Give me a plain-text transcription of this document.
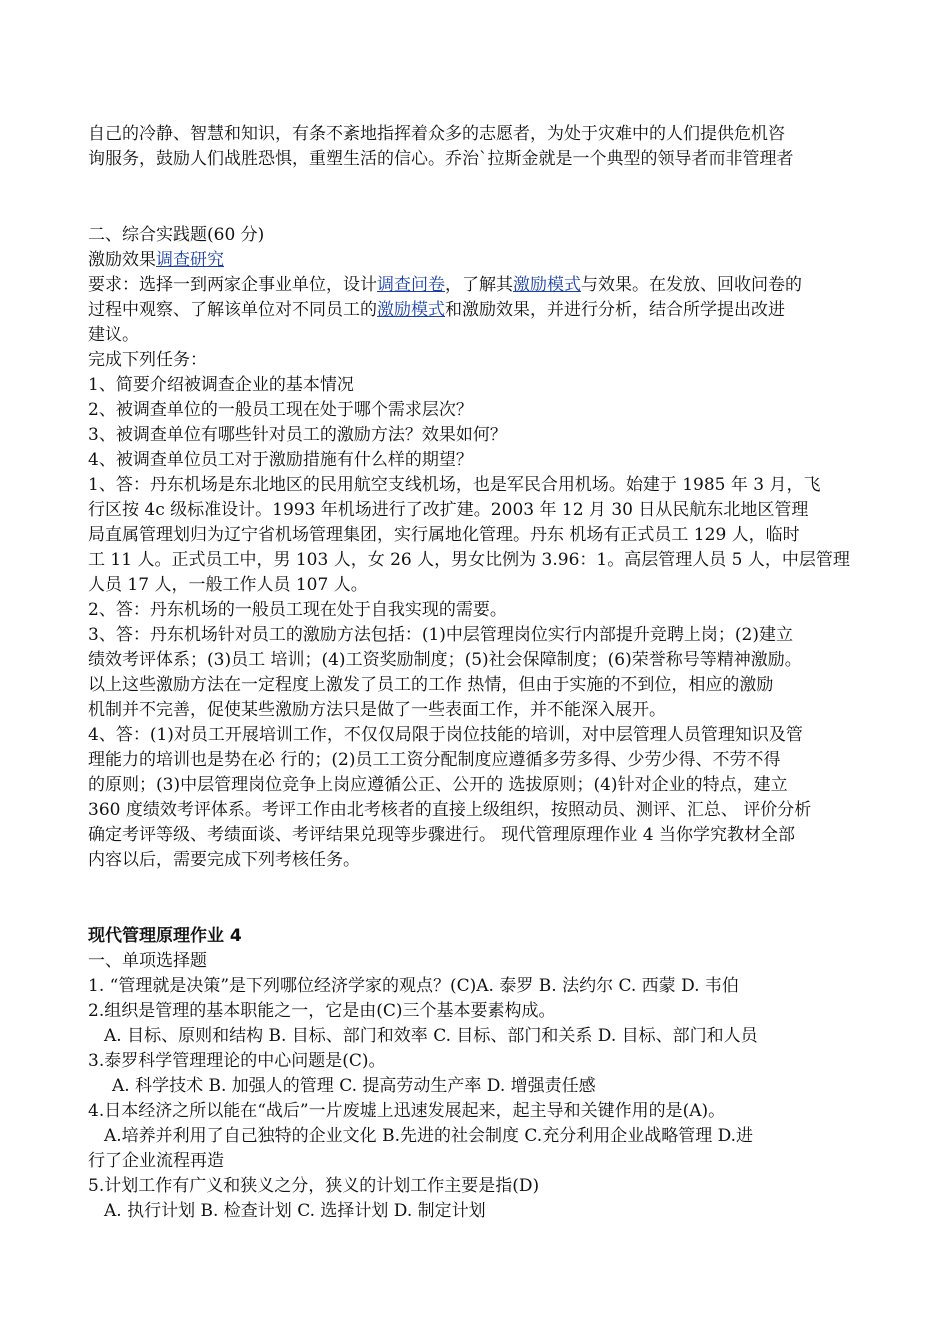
自己的冷静、智慧和知识，有条不紊地指挥着众多的志愿者，为处于灾难中的人们提供危机咨
询服务，鼓励人们战胜恐惧，重塑生活的信心。乔治`拉斯金就是一个典型的领导者而非管理者
二、综合实践题(60 分)
激励效果调查研究
要求：选择一到两家企事业单位，设计调查问卷，了解其激励模式与效果。在发放、回收问卷的
过程中观察、了解该单位对不同员工的激励模式和激励效果，并进行分析，结合所学提出改进
建议。
完成下列任务：
1、简要介绍被调查企业的基本情况
2、被调查单位的一般员工现在处于哪个需求层次？
3、被调查单位有哪些针对员工的激励方法？效果如何？
4、被调查单位员工对于激励措施有什么样的期望？
1、答：丹东机场是东北地区的民用航空支线机场，也是军民合用机场。始建于 1985 年 3 月，飞
行区按 4c 级标准设计。1993 年机场进行了改扩建。2003 年 12 月 30 日从民航东北地区管理
局直属管理划归为辽宁省机场管理集团，实行属地化管理。丹东 机场有正式员工 129 人，临时
工 11 人。正式员工中，男 103 人，女 26 人，男女比例为 3.96：1。高层管理人员 5 人，中层管理
人员 17 人，一般工作人员 107 人。
2、答：丹东机场的一般员工现在处于自我实现的需要。
3、答：丹东机场针对员工的激励方法包括：(1)中层管理岗位实行内部提升竞聘上岗；(2)建立
绩效考评体系；(3)员工 培训；(4)工资奖励制度；(5)社会保障制度；(6)荣誉称号等精神激励。
以上这些激励方法在一定程度上激发了员工的工作 热情，但由于实施的不到位，相应的激励
机制并不完善，促使某些激励方法只是做了一些表面工作，并不能深入展开。
4、答：(1)对员工开展培训工作，不仅仅局限于岗位技能的培训，对中层管理人员管理知识及管
理能力的培训也是势在必 行的；(2)员工工资分配制度应遵循多劳多得、少劳少得、不劳不得
的原则；(3)中层管理岗位竞争上岗应遵循公正、公开的 选拔原则；(4)针对企业的特点，建立
360 度绩效考评体系。考评工作由北考核者的直接上级组织，按照动员、测评、汇总、 评价分析
确定考评等级、考绩面谈、考评结果兑现等步骤进行。 现代管理原理作业 4 当你学究教材全部
内容以后，需要完成下列考核任务。
现代管理原理作业 4
一、单项选择题
1. “管理就是决策”是下列哪位经济学家的观点？(C)A. 泰罗 B. 法约尔 C. 西蒙 D. 韦伯
2.组织是管理的基本职能之一，它是由(C)三个基本要素构成。
A. 目标、原则和结构 B. 目标、部门和效率 C. 目标、部门和关系 D. 目标、部门和人员
3.泰罗科学管理理论的中心问题是(C)。
A. 科学技术 B. 加强人的管理 C. 提高劳动生产率 D. 增强责任感
4.日本经济之所以能在“战后”一片废墟上迅速发展起来，起主导和关键作用的是(A)。
A.培养并利用了自己独特的企业文化 B.先进的社会制度 C.充分利用企业战略管理 D.进
行了企业流程再造
5.计划工作有广义和狭义之分，狭义的计划工作主要是指(D)
A. 执行计划 B. 检查计划 C. 选择计划 D. 制定计划
